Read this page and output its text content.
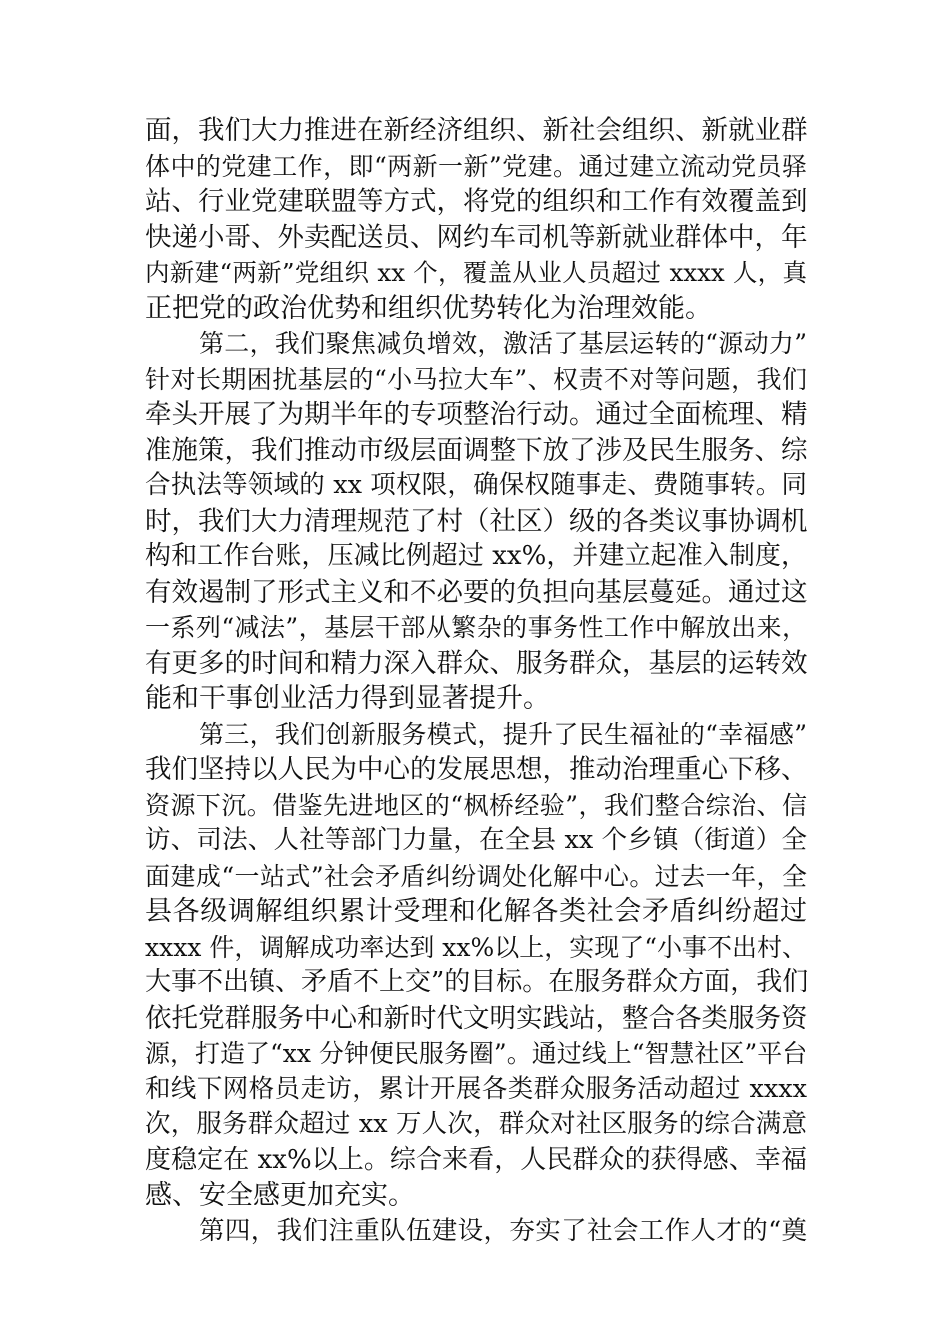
面，我们大力推进在新经济组织、新社会组织、新就业群
体中的党建工作，即“两新一新”党建。通过建立流动党员驿
站、行业党建联盟等方式，将党的组织和工作有效覆盖到
快递小哥、外卖配送员、网约车司机等新就业群体中，年
内新建“两新”党组织 xx 个，覆盖从业人员超过 xxxx 人，真
正把党的政治优势和组织优势转化为治理效能。
第二，我们聚焦减负增效，激活了基层运转的“源动力”
针对长期困扰基层的“小马拉大车”、权责不对等问题，我们
牵头开展了为期半年的专项整治行动。通过全面梳理、精
准施策，我们推动市级层面调整下放了涉及民生服务、综
合执法等领域的 xx 项权限，确保权随事走、费随事转。同
时，我们大力清理规范了村（社区）级的各类议事协调机
构和工作台账，压减比例超过 xx%，并建立起准入制度，
有效遏制了形式主义和不必要的负担向基层蔓延。通过这
一系列“减法”，基层干部从繁杂的事务性工作中解放出来，
有更多的时间和精力深入群众、服务群众，基层的运转效
能和干事创业活力得到显著提升。
第三，我们创新服务模式，提升了民生福祉的“幸福感”
我们坚持以人民为中心的发展思想，推动治理重心下移、
资源下沉。借鉴先进地区的“枫桥经验”，我们整合综治、信
访、司法、人社等部门力量，在全县 xx 个乡镇（街道）全
面建成“一站式”社会矛盾纠纷调处化解中心。过去一年，全
县各级调解组织累计受理和化解各类社会矛盾纠纷超过
xxxx 件，调解成功率达到 xx%以上，实现了“小事不出村、
大事不出镇、矛盾不上交”的目标。在服务群众方面，我们
依托党群服务中心和新时代文明实践站，整合各类服务资
源，打造了“xx 分钟便民服务圈”。通过线上“智慧社区”平台
和线下网格员走访，累计开展各类群众服务活动超过 xxxx
次，服务群众超过 xx 万人次，群众对社区服务的综合满意
度稳定在 xx%以上。综合来看，人民群众的获得感、幸福
感、安全感更加充实。
第四，我们注重队伍建设，夯实了社会工作人才的“奠
